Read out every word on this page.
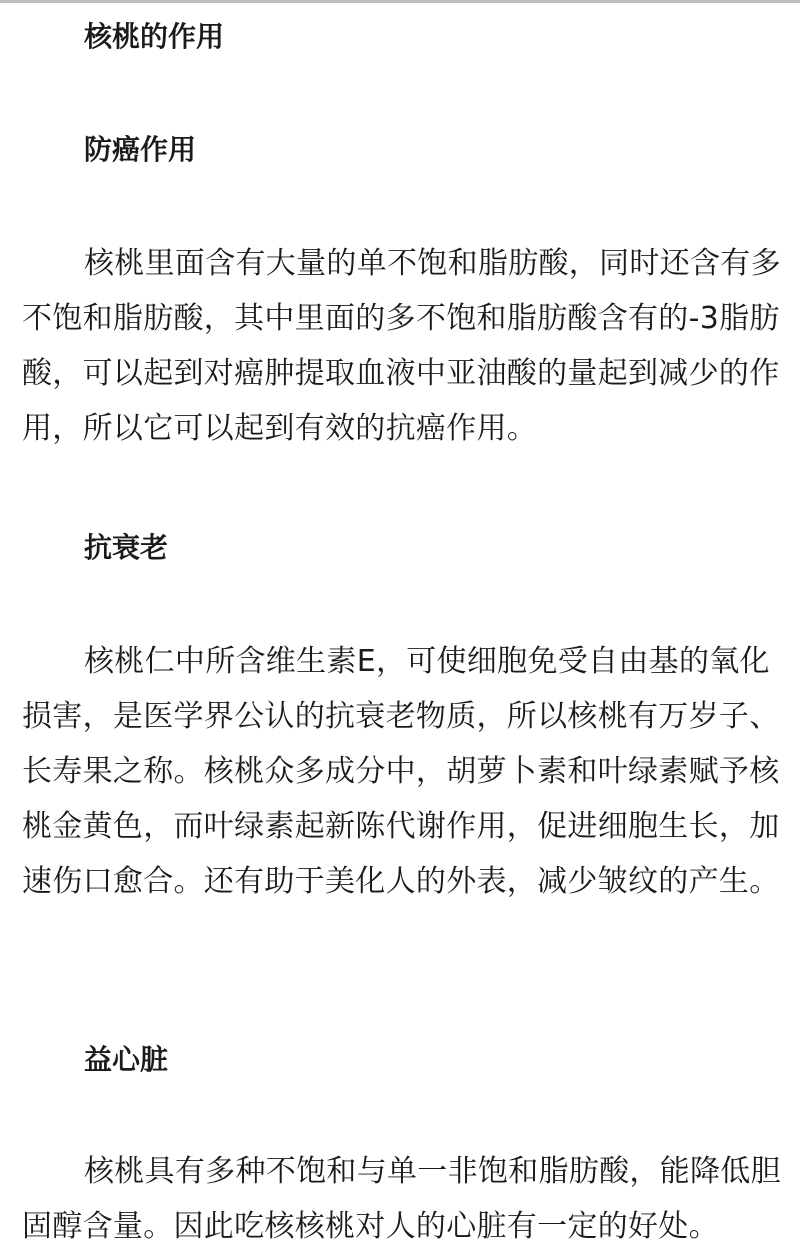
核桃的作用
防癌作用

核桃里面含有大量的单不饱和脂肪酸，同时还含有多不饱和脂肪酸，其中里面的多不饱和脂肪酸含有的-3脂肪酸，可以起到对癌肿提取血液中亚油酸的量起到减少的作用，所以它可以起到有效的抗癌作用。

抗衰老

核桃仁中所含维生素E，可使细胞免受自由基的氧化损害，是医学界公认的抗衰老物质，所以核桃有万岁子、长寿果之称。核桃众多成分中，胡萝卜素和叶绿素赋予核桃金黄色，而叶绿素起新陈代谢作用，促进细胞生长，加速伤口愈合。还有助于美化人的外表，减少皱纹的产生。

益心脏

核桃具有多种不饱和与单一非饱和脂肪酸，能降低胆固醇含量。因此吃核核桃对人的心脏有一定的好处。
